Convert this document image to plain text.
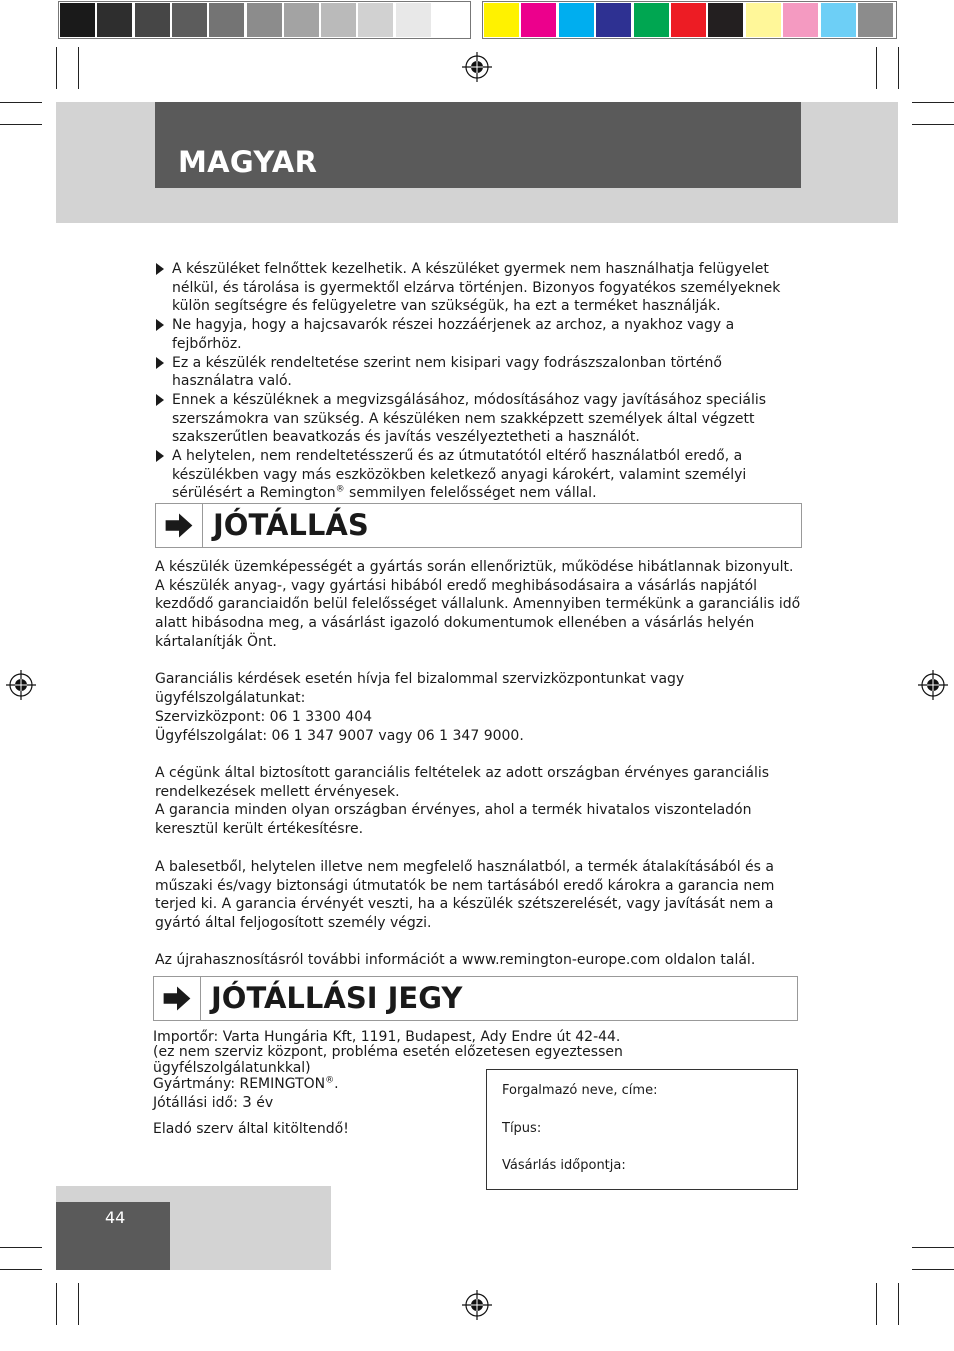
MAGYAR
A készüléket felnőttek kezelhetik. A készüléket gyermek nem használhatja felügyelet nélkül, és tárolása is gyermektől elzárva történjen. Bizonyos fogyatékos személyeknek külön segítségre és felügyeletre van szükségük, ha ezt a terméket használják.
Ne hagyja, hogy a hajcsavarók részei hozzáérjenek az archoz, a nyakhoz vagy a fejbőrhöz.
Ez a készülék rendeltetése szerint nem kisipari vagy fodrászszalonban történő használatra való.
Ennek a készüléknek a megvizsgálásához, módosításához vagy javításához speciális szerszámokra van szükség. A készüléken nem szakképzett személyek által végzett szakszerűtlen beavatkozás és javítás veszélyeztetheti a használót.
A helytelen, nem rendeltetésszerű és az útmutatótól eltérő használatból eredő, a készülékben vagy más eszközökben keletkező anyagi károkért, valamint személyi sérülésért a Remington® semmilyen felelősséget nem vállal.
JÓTÁLLÁS
A készülék üzemképességét a gyártás során ellenőriztük, működése hibátlannak bizonyult. A készülék anyag-, vagy gyártási hibából eredő meghibásodásaira a vásárlás napjától kezdődő garanciaidőn belül felelősséget vállalunk. Amennyiben termékünk a garanciális idő alatt hibásodna meg, a vásárlást igazoló dokumentumok ellenében a vásárlás helyén kártalanítják Önt.
Garanciális kérdések esetén hívja fel bizalommal szervizközpontunkat vagy ügyfélszolgálatunkat:
Szervizközpont: 06 1 3300 404
Ügyfélszolgálat: 06 1 347 9007 vagy 06 1 347 9000.
A cégünk által biztosított garanciális feltételek az adott országban érvényes garanciális rendelkezések mellett érvényesek.
A garancia minden olyan országban érvényes, ahol a termék hivatalos viszonteladón keresztül került értékesítésre.
A balesetből, helytelen illetve nem megfelelő használatból, a termék átalakításából és a műszaki és/vagy biztonsági útmutatók be nem tartásából eredő károkra a garancia nem terjed ki. A garancia érvényét veszti, ha a készülék szétszerelését, vagy javítását nem a gyártó által feljogosított személy végzi.
Az újrahasznosításról további információt a www.remington-europe.com oldalon talál.
JÓTÁLLÁSI JEGY
Importőr: Varta Hungária Kft, 1191, Budapest, Ady Endre út 42-44.
(ez nem szerviz központ, probléma esetén előzetesen egyeztessen
ügyfélszolgálatunkkal)
Gyártmány: REMINGTON®.
Jótállási idő: 3 év
Eladó szerv által kitöltendő!
Forgalmazó neve, címe:
Típus:
Vásárlás időpontja:
44
